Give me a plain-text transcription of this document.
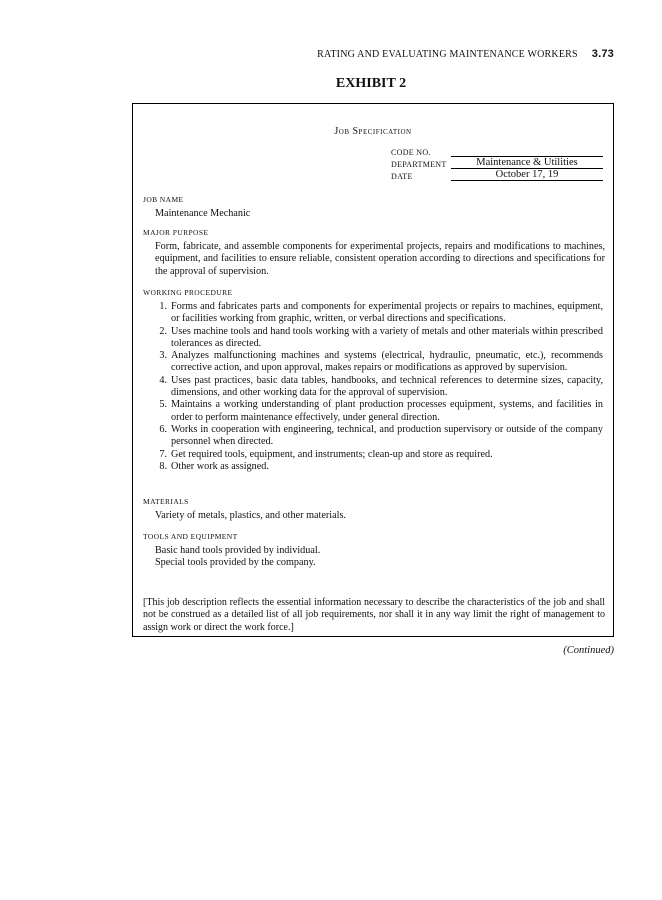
RATING AND EVALUATING MAINTENANCE WORKERS 3.73
EXHIBIT 2
Job Specification
CODE NO.
DEPARTMENT	Maintenance & Utilities
DATE	October 17, 19
JOB NAME
Maintenance Mechanic
MAJOR PURPOSE
Form, fabricate, and assemble components for experimental projects, repairs and modifications to machines, equipment, and facilities to ensure reliable, consistent operation according to directions and specifications for the approval of supervision.
WORKING PROCEDURE
1. Forms and fabricates parts and components for experimental projects or repairs to machines, equipment, or facilities working from graphic, written, or verbal directions and specifications.
2. Uses machine tools and hand tools working with a variety of metals and other materials within prescribed tolerances as directed.
3. Analyzes malfunctioning machines and systems (electrical, hydraulic, pneumatic, etc.), recommends corrective action, and upon approval, makes repairs or modifications as approved by supervision.
4. Uses past practices, basic data tables, handbooks, and technical references to determine sizes, capacity, dimensions, and other working data for the approval of supervision.
5. Maintains a working understanding of plant production processes equipment, systems, and facilities in order to perform maintenance effectively, under general direction.
6. Works in cooperation with engineering, technical, and production supervisory or outside of the company personnel when directed.
7. Get required tools, equipment, and instruments; clean-up and store as required.
8. Other work as assigned.
MATERIALS
Variety of metals, plastics, and other materials.
TOOLS AND EQUIPMENT
Basic hand tools provided by individual.
Special tools provided by the company.
[This job description reflects the essential information necessary to describe the characteristics of the job and shall not be construed as a detailed list of all job requirements, nor shall it in any way limit the right of management to assign work or direct the work force.]
(Continued)
